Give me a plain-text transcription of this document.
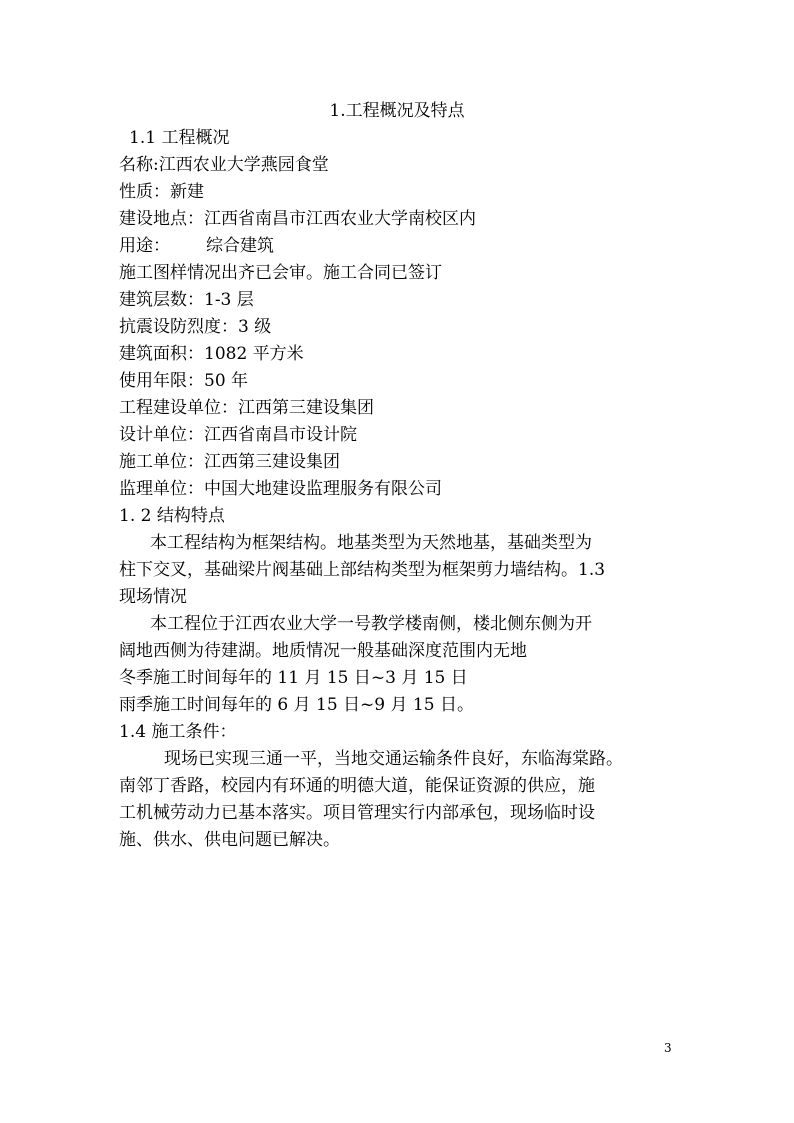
1.工程概况及特点
1.1 工程概况
名称:江西农业大学燕园食堂
性质：新建
建设地点：江西省南昌市江西农业大学南校区内
用途： 综合建筑
施工图样情况出齐已会审。施工合同已签订
建筑层数：1-3 层
抗震设防烈度：3 级
建筑面积：1082 平方米
使用年限：50 年
工程建设单位：江西第三建设集团
设计单位：江西省南昌市设计院
施工单位：江西第三建设集团
监理单位：中国大地建设监理服务有限公司
1. 2 结构特点
本工程结构为框架结构。地基类型为天然地基，基础类型为
柱下交叉，基础梁片阀基础上部结构类型为框架剪力墙结构。1.3
现场情况
本工程位于江西农业大学一号教学楼南侧，楼北侧东侧为开
阔地西侧为待建湖。地质情况一般基础深度范围内无地
冬季施工时间每年的 11 月 15 日~3 月 15 日
雨季施工时间每年的 6 月 15 日~9 月 15 日。
1.4 施工条件：
现场已实现三通一平，当地交通运输条件良好，东临海棠路。
南邻丁香路，校园内有环通的明德大道，能保证资源的供应，施
工机械劳动力已基本落实。项目管理实行内部承包，现场临时设
施、供水、供电问题已解决。
3
